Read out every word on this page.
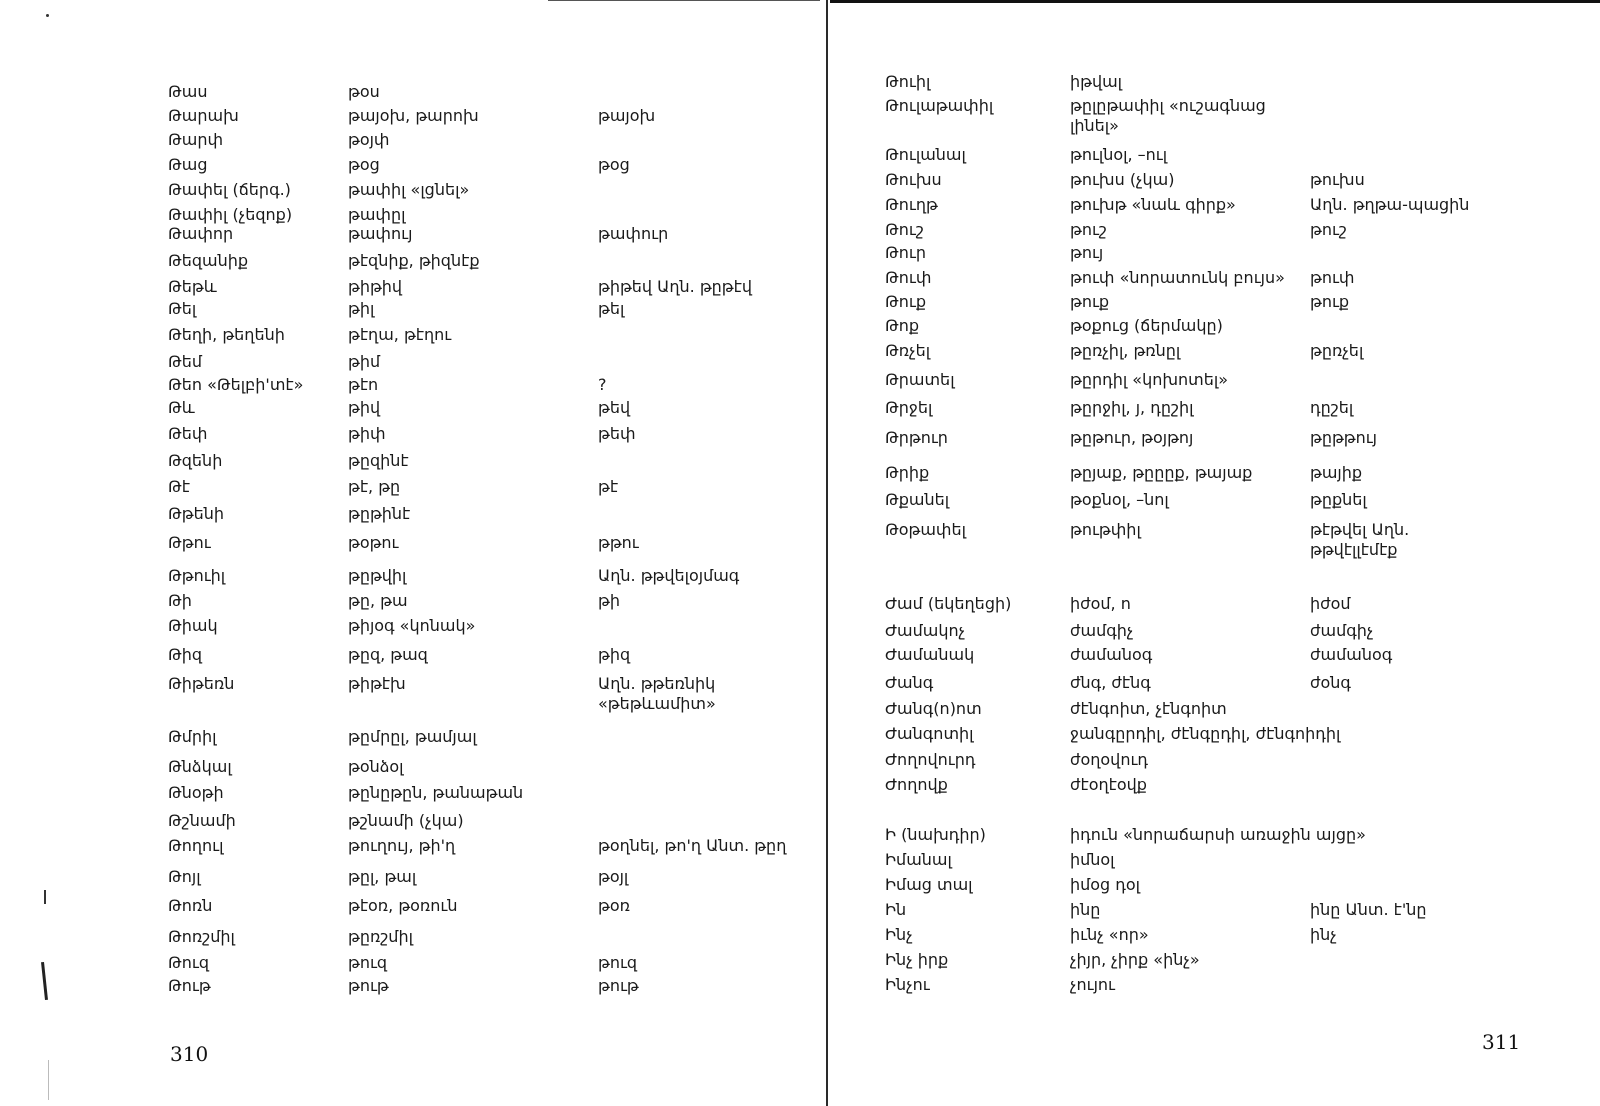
Թաս	թou
Թարախ	թայօխ, թարոխ	թայօխ
Թարփ	թօյփ
Թաց	թօց	թօց
Թափել (ճերգ.)	թափիլ «լցնել»
Թափիլ (չեզոք)	թափըլ
Թափոր	թափույ	թափուր
Թեզանիք	թէզնիք, թիզնէք
Թեթև	թիթիվ	թիթեվ Աղն. թըթէվ
Թել	թիլ	թել
Թեղի, թեղենի	թէղա, թէղու
Թեմ	թիմ
Թեո «Թելբի'տէ»	թէո	?
Թև	թիվ	թեվ
Թեփ	թիփ	թեփ
Թզենի	թըզինէ
Թէ	թէ, թը	թէ
Թթենի	թըթինէ
Թթու	թօթու	թթու
Թթուիլ	թըթվիլ	Աղն. թթվելօյմագ
Թի	թը, թա	թի
Թիակ	թիյօգ «կոնակ»
Թիզ	թըզ, թազ	թիզ
Թիթեռն	թիթէխ	Աղն. թթեռնիկ
«թեթևամիտ»
Թմրիլ	թըմրըլ, թամյալ
Թնձկալ	թօնձօլ
Թնօթի	թընըթըն, թանաթան
Թշնամի	թշնամի (չկա)
Թողուլ	թուղույ, թի'ղ	թօղնել, թո'ղ Անտ. թըղ
Թոյլ	թըլ, թալ	թօյլ
Թոռն	թէօռ, թօռուն	թօռ
Թոռշմիլ	թըռշմիլ
Թուզ	թուզ	թուզ
Թութ	թութ	թութ
310
Թուիլ	իթվալ
Թուլաթափիլ	թըլըթափիլ «ուշագնաց
լինել»
Թուլանալ	թուլնօլ, –ուլ
Թուխս	թուխս (չկա)	թուխս
Թուղթ	թուխթ «նաև գիրք»	Աղն. թղթա-պացին
Թուշ	թուշ	թուշ
Թուր	թույ
Թուփ	թուփ «նորատունկ բույս»	թուփ
Թուք	թուք	թուք
Թոք	թօքուց (ճերմակը)
Թռչել	թըռչիլ, թռնըլ	թըռչել
Թրատել	թըրդիլ «կոխոտել»
Թրջել	թըրջիլ, յ, դըշիլ	դըշել
Թրթուր	թըթուր, թօյթոյ	թըթթույ
Թրիք	թըյաք, թըըըք, թայաք	թայիք
Թքանել	թօքնօլ, –նոլ	թըքնել
Թօթափել	թութփիլ	թէթվել Աղն.
թթվէլլէմէք
Ժամ (եկեղեցի)	իժօմ, ո	իժօմ
Ժամակոչ	ժամգիչ	ժամգիչ
Ժամանակ	ժամանօգ	ժամանօգ
Ժանգ	ժնգ, ժէնգ	ժօնգ
Ժանգ(ո)ոտ	ժէնգոիտ, չէնգոիտ
Ժանգոտիլ	ջանգըրդիլ, ժէնգըդիլ, ժէնգոիդիլ
Ժողովուրդ	ժօղօվուդ
Ժողովք	ժէօղէօվք
Ի (նախդիր)	իդուն «նորաճարսի առաջին այցը»
Իմանալ	իմնօլ
Իմաց տալ	իմօց դօլ
Ին	ինը	ինը Անտ. է'նը
Ինչ	իւնչ «որ»	ինչ
Ինչ իրք	չիյր, չիրք «ինչ»
Ինչու	չույու
311
